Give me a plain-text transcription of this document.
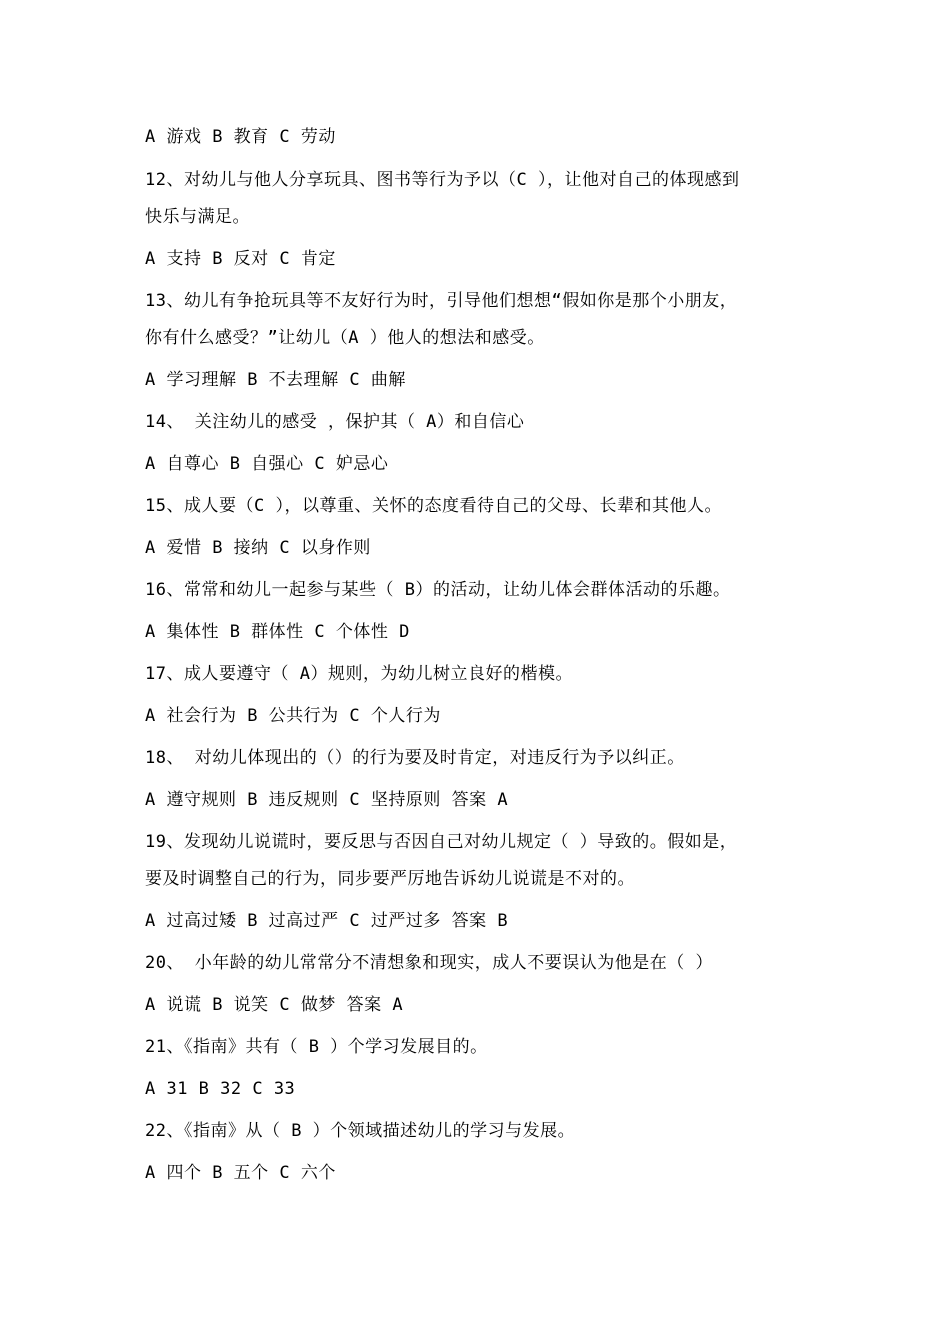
A 游戏 B 教育 C 劳动
12、对幼儿与他人分享玩具、图书等行为予以（C ），让他对自己的体现感到
快乐与满足。
A 支持 B 反对 C 肯定
13、幼儿有争抢玩具等不友好行为时，引导他们想想“假如你是那个小朋友，
你有什么感受？”让幼儿（A ）他人的想法和感受。
A 学习理解 B 不去理解 C 曲解
14、 关注幼儿的感受 ，保护其（ A）和自信心
A 自尊心 B 自强心 C 妒忌心
15、成人要（C ），以尊重、关怀的态度看待自己的父母、长辈和其他人。
A 爱惜 B 接纳 C 以身作则
16、常常和幼儿一起参与某些（ B）的活动，让幼儿体会群体活动的乐趣。
A 集体性 B 群体性 C 个体性 D
17、成人要遵守（ A）规则，为幼儿树立良好的楷模。
A 社会行为 B 公共行为 C 个人行为
18、 对幼儿体现出的（）的行为要及时肯定，对违反行为予以纠正。
A 遵守规则 B 违反规则 C 坚持原则 答案 A
19、发现幼儿说谎时，要反思与否因自己对幼儿规定（ ）导致的。假如是，
要及时调整自己的行为，同步要严厉地告诉幼儿说谎是不对的。
A 过高过矮 B 过高过严 C 过严过多 答案 B
20、 小年龄的幼儿常常分不清想象和现实，成人不要误认为他是在（ ）
A 说谎 B 说笑 C 做梦 答案 A
21、《指南》共有（ B ）个学习发展目的。
A 31 B 32 C 33
22、《指南》从（ B ）个领域描述幼儿的学习与发展。
A 四个 B 五个 C 六个
